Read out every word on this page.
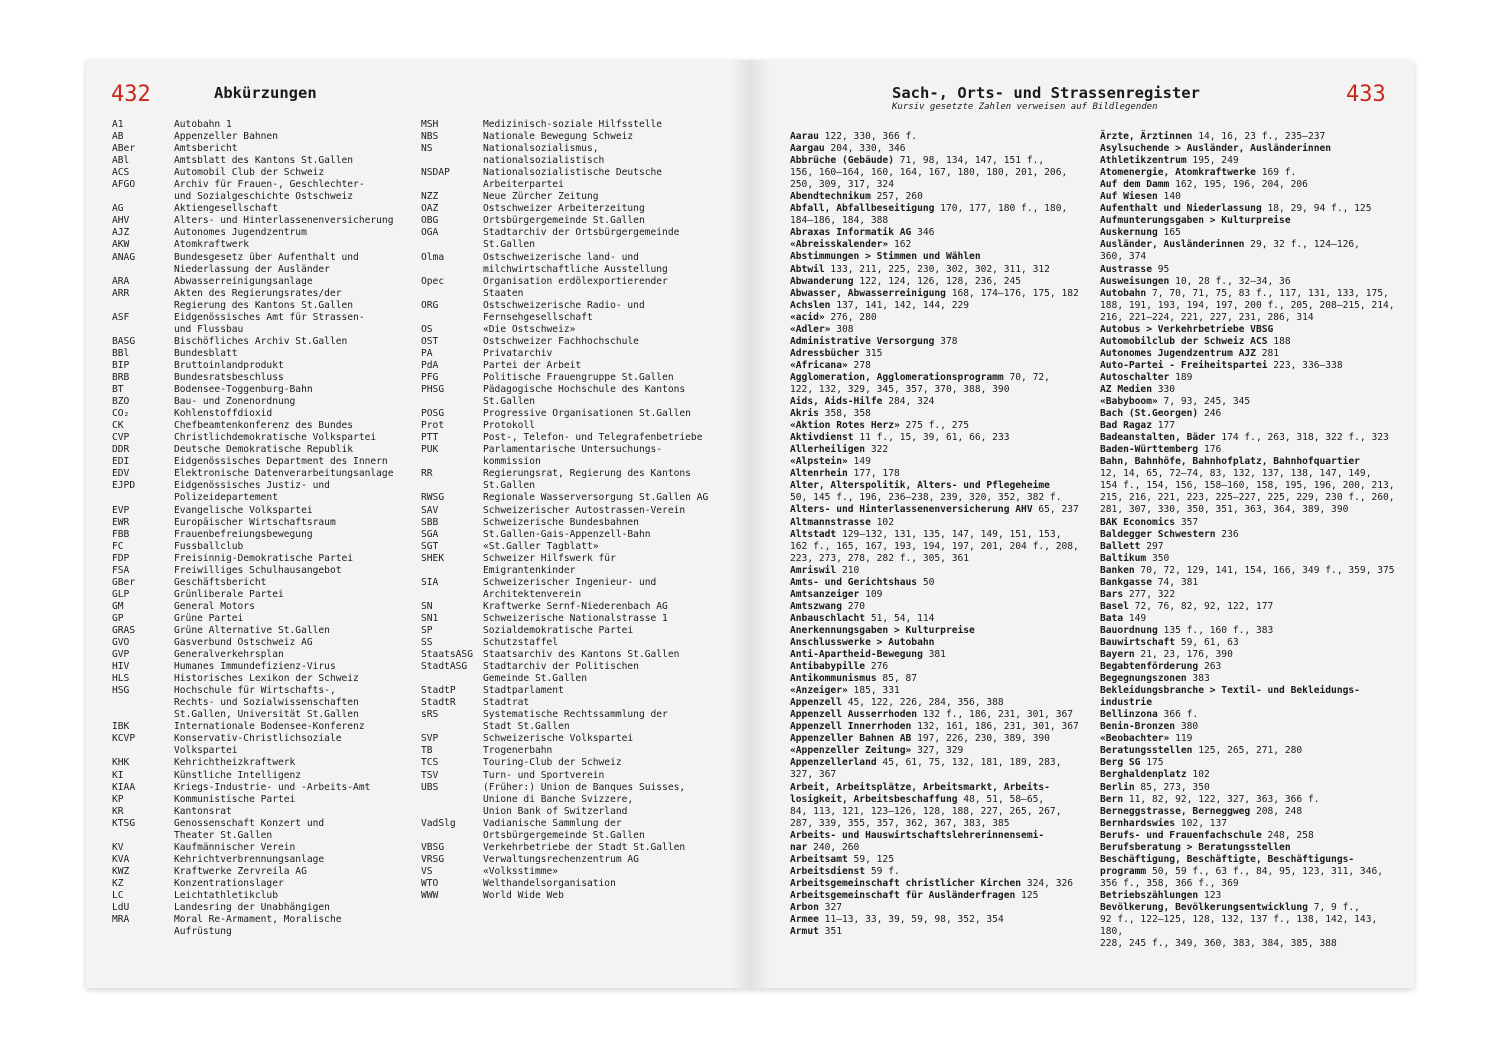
432	Abkürzungen
A1	Autobahn 1
AB	Appenzeller Bahnen
ABer	Amtsbericht
ABl	Amtsblatt des Kantons St.Gallen
ACS	Automobil Club der Schweiz
AFGO	Archiv für Frauen-, Geschlechter-
und Sozialgeschichte Ostschweiz
AG	Aktiengesellschaft
AHV	Alters- und Hinterlassenenversicherung
AJZ	Autonomes Jugendzentrum
AKW	Atomkraftwerk
ANAG	Bundesgesetz über Aufenthalt und
Niederlassung der Ausländer
ARA	Abwasserreinigungsanlage
ARR	Akten des Regierungsrates/der
Regierung des Kantons St.Gallen
ASF	Eidgenössisches Amt für Strassen-
und Flussbau
BASG	Bischöfliches Archiv St.Gallen
BBl	Bundesblatt
BIP	Bruttoinlandprodukt
BRB	Bundesratsbeschluss
BT	Bodensee-Toggenburg-Bahn
BZO	Bau- und Zonenordnung
CO₂	Kohlenstoffdioxid
CK	Chefbeamtenkonferenz des Bundes
CVP	Christlichdemokratische Volkspartei
DDR	Deutsche Demokratische Republik
EDI	Eidgenössisches Department des Innern
EDV	Elektronische Datenverarbeitungsanlage
EJPD	Eidgenössisches Justiz- und
Polizeidepartement
EVP	Evangelische Volkspartei
EWR	Europäischer Wirtschaftsraum
FBB	Frauenbefreiungsbewegung
FC	Fussballclub
FDP	Freisinnig-Demokratische Partei
FSA	Freiwilliges Schulhausangebot
GBer	Geschäftsbericht
GLP	Grünliberale Partei
GM	General Motors
GP	Grüne Partei
GRAS	Grüne Alternative St.Gallen
GVO	Gasverbund Ostschweiz AG
GVP	Generalverkehrsplan
HIV	Humanes Immundefizienz-Virus
HLS	Historisches Lexikon der Schweiz
HSG	Hochschule für Wirtschafts-,
Rechts- und Sozialwissenschaften
St.Gallen, Universität St.Gallen
IBK	Internationale Bodensee-Konferenz
KCVP	Konservativ-Christlichsoziale
Volkspartei
KHK	Kehrichtheizkraftwerk
KI	Künstliche Intelligenz
KIAA	Kriegs-Industrie- und -Arbeits-Amt
KP	Kommunistische Partei
KR	Kantonsrat
KTSG	Genossenschaft Konzert und
Theater St.Gallen
KV	Kaufmännischer Verein
KVA	Kehrichtverbrennungsanlage
KWZ	Kraftwerke Zervreila AG
KZ	Konzentrationslager
LC	Leichtathletikclub
LdU	Landesring der Unabhängigen
MRA	Moral Re-Armament, Moralische
Aufrüstung
MSH	Medizinisch-soziale Hilfsstelle
NBS	Nationale Bewegung Schweiz
NS	Nationalsozialismus,
nationalsozialistisch
NSDAP	Nationalsozialistische Deutsche
Arbeiterpartei
NZZ	Neue Zürcher Zeitung
OAZ	Ostschweizer Arbeiterzeitung
OBG	Ortsbürgergemeinde St.Gallen
OGA	Stadtarchiv der Ortsbürgergemeinde
St.Gallen
Olma	Ostschweizerische land- und
milchwirtschaftliche Ausstellung
Opec	Organisation erdölexportierender
Staaten
ORG	Ostschweizerische Radio- und
Fernsehgesellschaft
OS	«Die Ostschweiz»
OST	Ostschweizer Fachhochschule
PA	Privatarchiv
PdA	Partei der Arbeit
PFG	Politische Frauengruppe St.Gallen
PHSG	Pädagogische Hochschule des Kantons
St.Gallen
POSG	Progressive Organisationen St.Gallen
Prot	Protokoll
PTT	Post-, Telefon- und Telegrafenbetriebe
PUK	Parlamentarische Untersuchungs-
kommission
RR	Regierungsrat, Regierung des Kantons
St.Gallen
RWSG	Regionale Wasserversorgung St.Gallen AG
SAV	Schweizerischer Autostrassen-Verein
SBB	Schweizerische Bundesbahnen
SGA	St.Gallen-Gais-Appenzell-Bahn
SGT	«St.Galler Tagblatt»
SHEK	Schweizer Hilfswerk für
Emigrantenkinder
SIA	Schweizerischer Ingenieur- und
Architektenverein
SN	Kraftwerke Sernf-Niederenbach AG
SN1	Schweizerische Nationalstrasse 1
SP	Sozialdemokratische Partei
SS	Schutzstaffel
StaatsASG	Staatsarchiv des Kantons St.Gallen
StadtASG	Stadtarchiv der Politischen
Gemeinde St.Gallen
StadtP	Stadtparlament
StadtR	Stadtrat
sRS	Systematische Rechtssammlung der
Stadt St.Gallen
SVP	Schweizerische Volkspartei
TB	Trogenerbahn
TCS	Touring-Club der Schweiz
TSV	Turn- und Sportverein
UBS	(Früher:) Union de Banques Suisses,
Unione di Banche Svizzere,
Union Bank of Switzerland
VadSlg	Vadianische Sammlung der
Ortsbürgergemeinde St.Gallen
VBSG	Verkehrbetriebe der Stadt St.Gallen
VRSG	Verwaltungsrechenzentrum AG
VS	«Volksstimme»
WTO	Welthandelsorganisation
WWW	World Wide Web
Sach-, Orts- und Strassenregister
Kursiv gesetzte Zahlen verweisen auf Bildlegenden	433
Aarau 122, 330, 366 f.
Aargau 204, 330, 346
Abbrüche (Gebäude) 71, 98, 134, 147, 151 f.,
156, 160–164, 160, 164, 167, 180, 180, 201, 206,
250, 309, 317, 324
Abendtechnikum 257, 260
Abfall, Abfallbeseitigung 170, 177, 180 f., 180,
184–186, 184, 388
Abraxas Informatik AG 346
«Abreisskalender» 162
Abstimmungen > Stimmen und Wählen
Abtwil 133, 211, 225, 230, 302, 302, 311, 312
Abwanderung 122, 124, 126, 128, 236, 245
Abwasser, Abwasserreinigung 168, 174–176, 175, 182
Achslen 137, 141, 142, 144, 229
«acid» 276, 280
«Adler» 308
Administrative Versorgung 378
Adressbücher 315
«Africana» 278
Agglomeration, Agglomerationsprogramm 70, 72,
122, 132, 329, 345, 357, 370, 388, 390
Aids, Aids-Hilfe 284, 324
Akris 358, 358
«Aktion Rotes Herz» 275 f., 275
Aktivdienst 11 f., 15, 39, 61, 66, 233
Allerheiligen 322
«Alpstein» 149
Altenrhein 177, 178
Alter, Alterspolitik, Alters- und Pflegeheime
50, 145 f., 196, 236–238, 239, 320, 352, 382 f.
Alters- und Hinterlassenenversicherung AHV 65, 237
Altmannstrasse 102
Altstadt 129–132, 131, 135, 147, 149, 151, 153,
162 f., 165, 167, 193, 194, 197, 201, 204 f., 208,
223, 273, 278, 282 f., 305, 361
Amriswil 210
Amts- und Gerichtshaus 50
Amtsanzeiger 109
Amtszwang 270
Anbauschlacht 51, 54, 114
Anerkennungsgaben > Kulturpreise
Anschlusswerke > Autobahn
Anti-Apartheid-Bewegung 381
Antibabypille 276
Antikommunismus 85, 87
«Anzeiger» 185, 331
Appenzell 45, 122, 226, 284, 356, 388
Appenzell Ausserrhoden 132 f., 186, 231, 301, 367
Appenzell Innerrhoden 132, 161, 186, 231, 301, 367
Appenzeller Bahnen AB 197, 226, 230, 389, 390
«Appenzeller Zeitung» 327, 329
Appenzellerland 45, 61, 75, 132, 181, 189, 283,
327, 367
Arbeit, Arbeitsplätze, Arbeitsmarkt, Arbeits-
losigkeit, Arbeitsbeschaffung 48, 51, 58–65,
84, 113, 121, 123–126, 128, 188, 227, 265, 267,
287, 339, 355, 357, 362, 367, 383, 385
Arbeits- und Hauswirtschaftslehrerinnensemi-
nar 240, 260
Arbeitsamt 59, 125
Arbeitsdienst 59 f.
Arbeitsgemeinschaft christlicher Kirchen 324, 326
Arbeitsgemeinschaft für Ausländerfragen 125
Arbon 327
Armee 11–13, 33, 39, 59, 98, 352, 354
Armut 351
Ärzte, Ärztinnen 14, 16, 23 f., 235–237
Asylsuchende > Ausländer, Ausländerinnen
Athletikzentrum 195, 249
Atomenergie, Atomkraftwerke 169 f.
Auf dem Damm 162, 195, 196, 204, 206
Auf Wiesen 140
Aufenthalt und Niederlassung 18, 29, 94 f., 125
Aufmunterungsgaben > Kulturpreise
Auskernung 165
Ausländer, Ausländerinnen 29, 32 f., 124–126,
360, 374
Austrasse 95
Ausweisungen 10, 28 f., 32–34, 36
Autobahn 7, 70, 71, 75, 83 f., 117, 131, 133, 175,
188, 191, 193, 194, 197, 200 f., 205, 208–215, 214,
216, 221–224, 221, 227, 231, 286, 314
Autobus > Verkehrbetriebe VBSG
Automobilclub der Schweiz ACS 188
Autonomes Jugendzentrum AJZ 281
Auto-Partei - Freiheitspartei 223, 336–338
Autoschalter 189
AZ Medien 330
«Babyboom» 7, 93, 245, 345
Bach (St.Georgen) 246
Bad Ragaz 177
Badeanstalten, Bäder 174 f., 263, 318, 322 f., 323
Baden-Württemberg 176
Bahn, Bahnhöfe, Bahnhofplatz, Bahnhofquartier
12, 14, 65, 72–74, 83, 132, 137, 138, 147, 149,
154 f., 154, 156, 158–160, 158, 195, 196, 200, 213,
215, 216, 221, 223, 225–227, 225, 229, 230 f., 260,
281, 307, 330, 350, 351, 363, 364, 389, 390
BAK Economics 357
Baldegger Schwestern 236
Ballett 297
Baltikum 350
Banken 70, 72, 129, 141, 154, 166, 349 f., 359, 375
Bankgasse 74, 381
Bars 277, 322
Basel 72, 76, 82, 92, 122, 177
Bata 149
Bauordnung 135 f., 160 f., 383
Bauwirtschaft 59, 61, 63
Bayern 21, 23, 176, 390
Begabtenförderung 263
Begegnungszonen 383
Bekleidungsbranche > Textil- und Bekleidungs-
industrie
Bellinzona 366 f.
Benin-Bronzen 380
«Beobachter» 119
Beratungsstellen 125, 265, 271, 280
Berg SG 175
Berghaldenplatz 102
Berlin 85, 273, 350
Bern 11, 82, 92, 122, 327, 363, 366 f.
Berneggstrasse, Berneggweg 208, 248
Bernhardswies 102, 137
Berufs- und Frauenfachschule 248, 258
Berufsberatung > Beratungsstellen
Beschäftigung, Beschäftigte, Beschäftigungs-
programm 50, 59 f., 63 f., 84, 95, 123, 311, 346,
356 f., 358, 366 f., 369
Betriebszählungen 123
Bevölkerung, Bevölkerungsentwicklung 7, 9 f.,
92 f., 122–125, 128, 132, 137 f., 138, 142, 143, 180,
228, 245 f., 349, 360, 383, 384, 385, 388
